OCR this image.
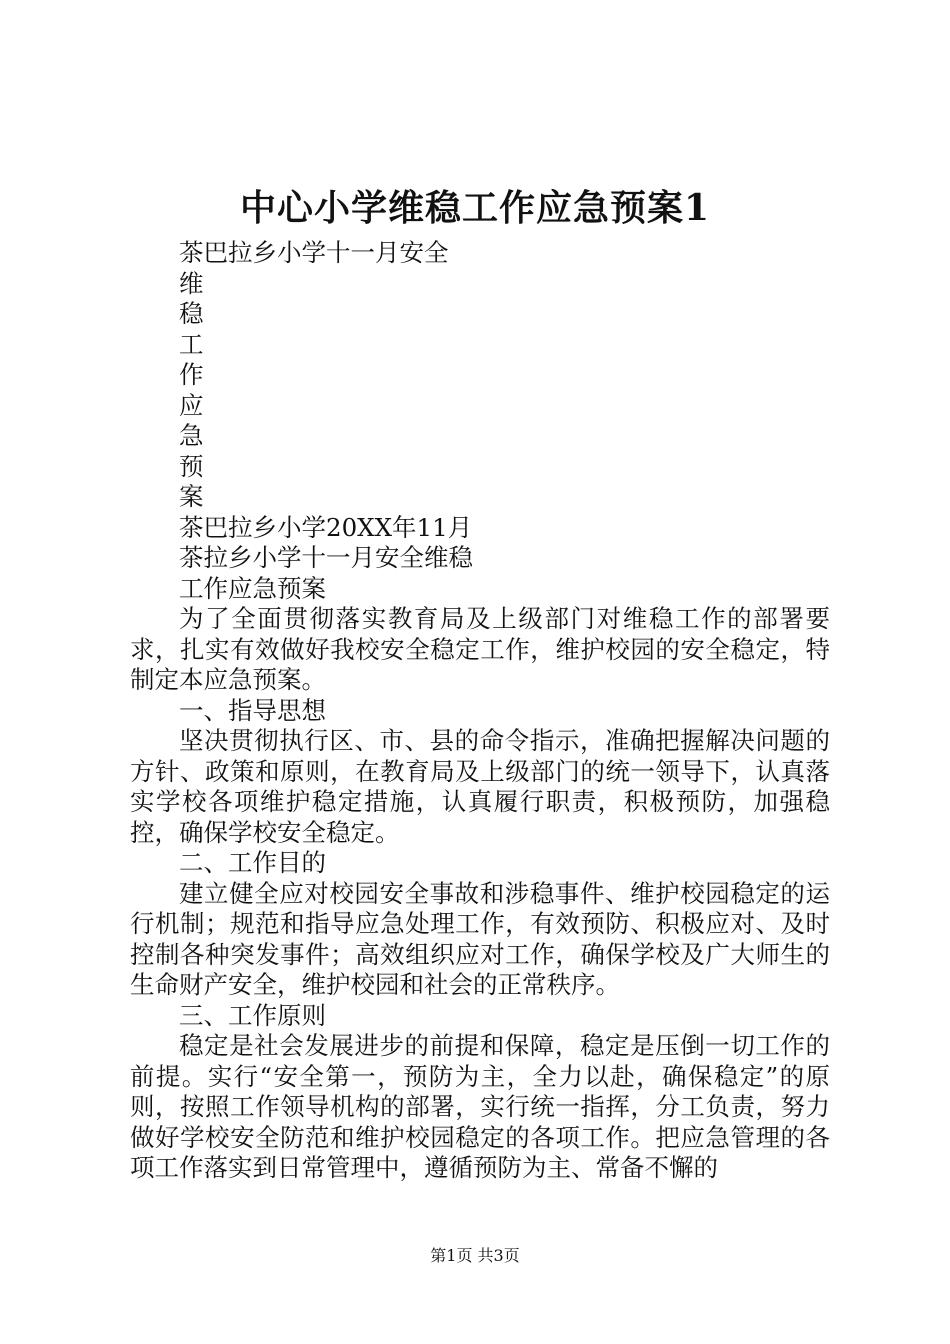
中心小学维稳工作应急预案1
茶巴拉乡小学十一月安全
维
稳
工
作
应
急
预
案
茶巴拉乡小学20XX年11月
茶拉乡小学十一月安全维稳
工作应急预案
为了全面贯彻落实教育局及上级部门对维稳工作的部署要求，扎实有效做好我校安全稳定工作，维护校园的安全稳定，特制定本应急预案。
一、指导思想
坚决贯彻执行区、市、县的命令指示，准确把握解决问题的方针、政策和原则，在教育局及上级部门的统一领导下，认真落实学校各项维护稳定措施，认真履行职责，积极预防，加强稳控，确保学校安全稳定。
二、工作目的
建立健全应对校园安全事故和涉稳事件、维护校园稳定的运行机制；规范和指导应急处理工作，有效预防、积极应对、及时控制各种突发事件；高效组织应对工作，确保学校及广大师生的生命财产安全，维护校园和社会的正常秩序。
三、工作原则
稳定是社会发展进步的前提和保障，稳定是压倒一切工作的前提。实行“安全第一，预防为主，全力以赴，确保稳定”的原则，按照工作领导机构的部署，实行统一指挥，分工负责，努力做好学校安全防范和维护校园稳定的各项工作。把应急管理的各项工作落实到日常管理中，遵循预防为主、常备不懈的
第1页 共3页
